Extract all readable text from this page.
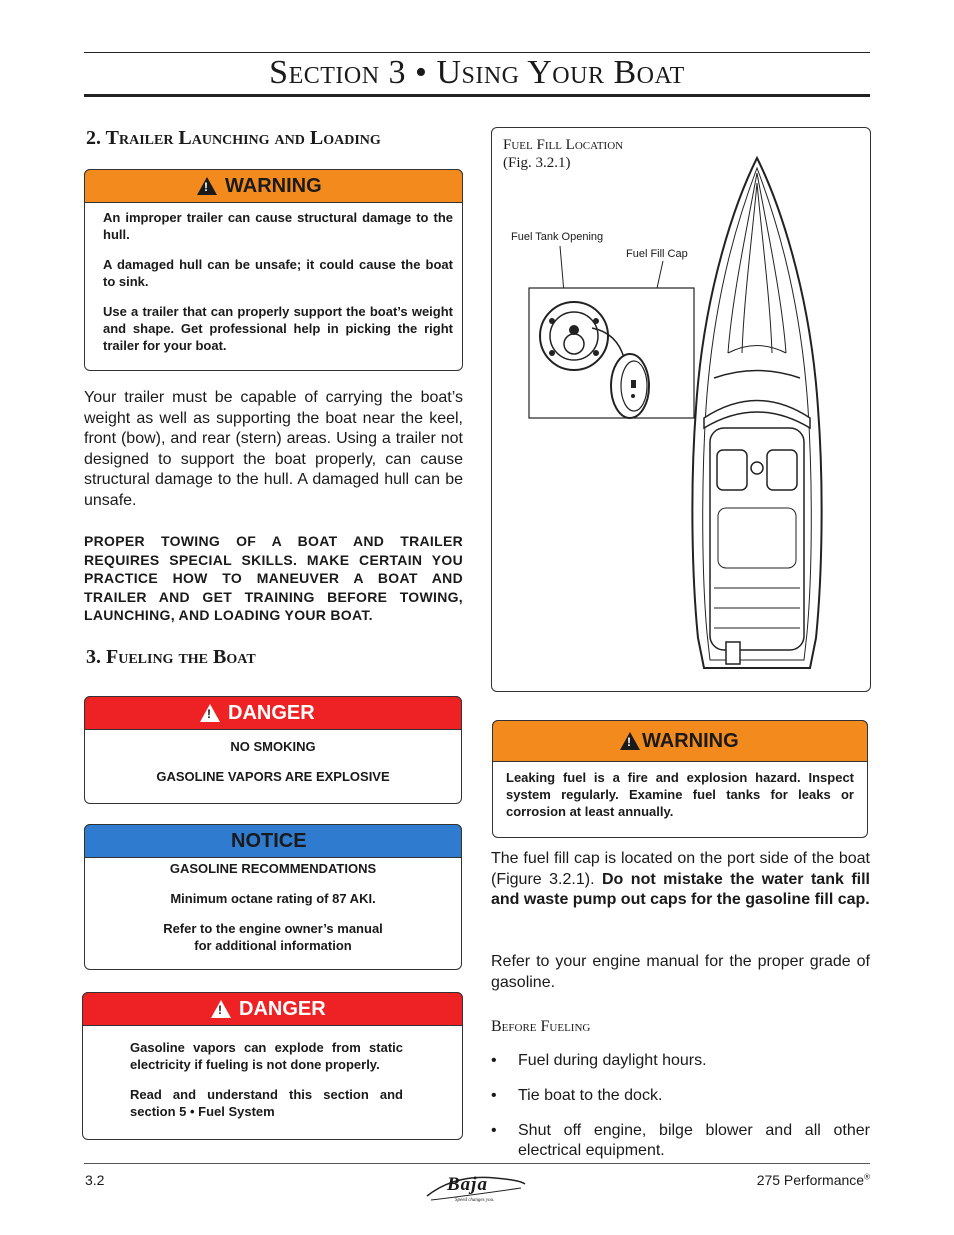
Section 3 • Using Your Boat
2. Trailer Launching and Loading
! WARNING

An improper trailer can cause structural damage to the hull.

A damaged hull can be unsafe; it could cause the boat to sink.

Use a trailer that can properly support the boat’s weight and shape. Get professional help in picking the right trailer for your boat.

Your trailer must be capable of carrying the boat’s weight as well as supporting the boat near the keel, front (bow), and rear (stern) areas. Using a trailer not designed to support the boat properly, can cause structural damage to the hull. A damaged hull can be unsafe.
PROPER TOWING OF A BOAT AND TRAILER REQUIRES SPECIAL SKILLS. MAKE CERTAIN YOU PRACTICE HOW TO MANEUVER A BOAT AND TRAILER AND GET TRAINING BEFORE TOWING, LAUNCHING, AND LOADING YOUR BOAT.
3. Fueling the Boat
! DANGER

NO SMOKING

GASOLINE VAPORS ARE EXPLOSIVE

NOTICE

GASOLINE RECOMMENDATIONS

Minimum octane rating of 87 AKI.

Refer to the engine owner’s manual
for additional information
! DANGER

Gasoline vapors can explode from static electricity if fueling is not done properly.

Read and understand this section and section 5 • Fuel System

Fuel Fill Location
(Fig. 3.2.1)
Fuel Tank Opening
Fuel Fill Cap
! WARNING
Leaking fuel is a fire and explosion hazard. Inspect system regularly. Examine fuel tanks for leaks or corrosion at least annually.
The fuel fill cap is located on the port side of the boat (Figure 3.2.1). Do not mistake the water tank fill and waste pump out caps for the gasoline fill cap.
Refer to your engine manual for the proper grade of gasoline.
Before Fueling
• Fuel during daylight hours.
• Tie boat to the dock.
• Shut off engine, bilge blower and all other electrical equipment.
3.2	Baja
Speed changes you.
275 Performance®
